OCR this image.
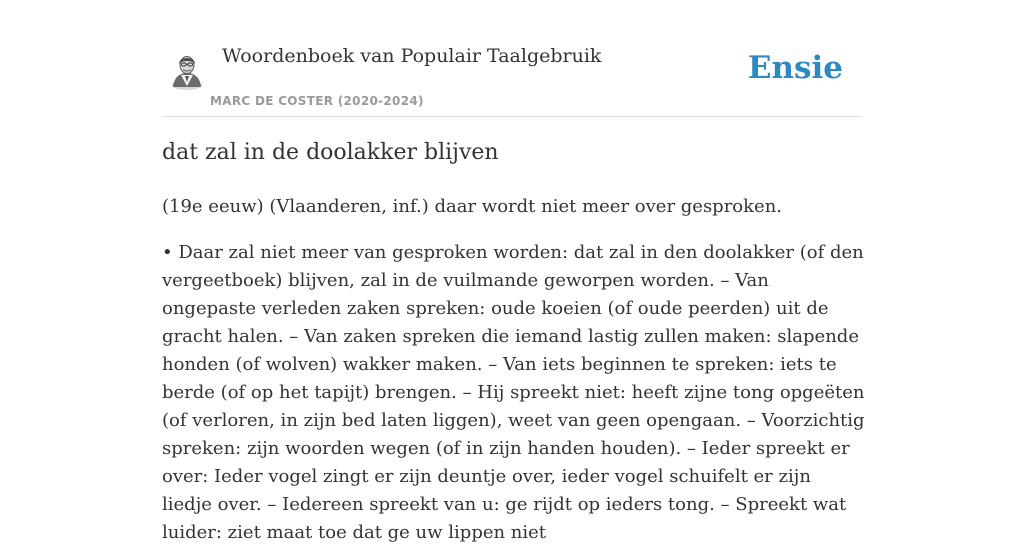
Woordenboek van Populair Taalgebruik
MARC DE COSTER (2020-2024)
Ensie
dat zal in de doolakker blijven

(19e eeuw) (Vlaanderen, inf.) daar wordt niet meer over gesproken.

• Daar zal niet meer van gesproken worden: dat zal in den doolakker (of den vergeetboek) blijven, zal in de vuilmande geworpen worden. – Van ongepaste verleden zaken spreken: oude koeien (of oude peerden) uit de gracht halen. – Van zaken spreken die iemand lastig zullen maken: slapende honden (of wolven) wakker maken. – Van iets beginnen te spreken: iets te berde (of op het tapijt) brengen. – Hij spreekt niet: heeft zijne tong opgeëten (of verloren, in zijn bed laten liggen), weet van geen opengaan. – Voorzichtig spreken: zijn woorden wegen (of in zijn handen houden). – Ieder spreekt er over: Ieder vogel zingt er zijn deuntje over, ieder vogel schuifelt er zijn liedje over. – Iedereen spreekt van u: ge rijdt op ieders tong. – Spreekt wat luider: ziet maat toe dat ge uw lippen niet
